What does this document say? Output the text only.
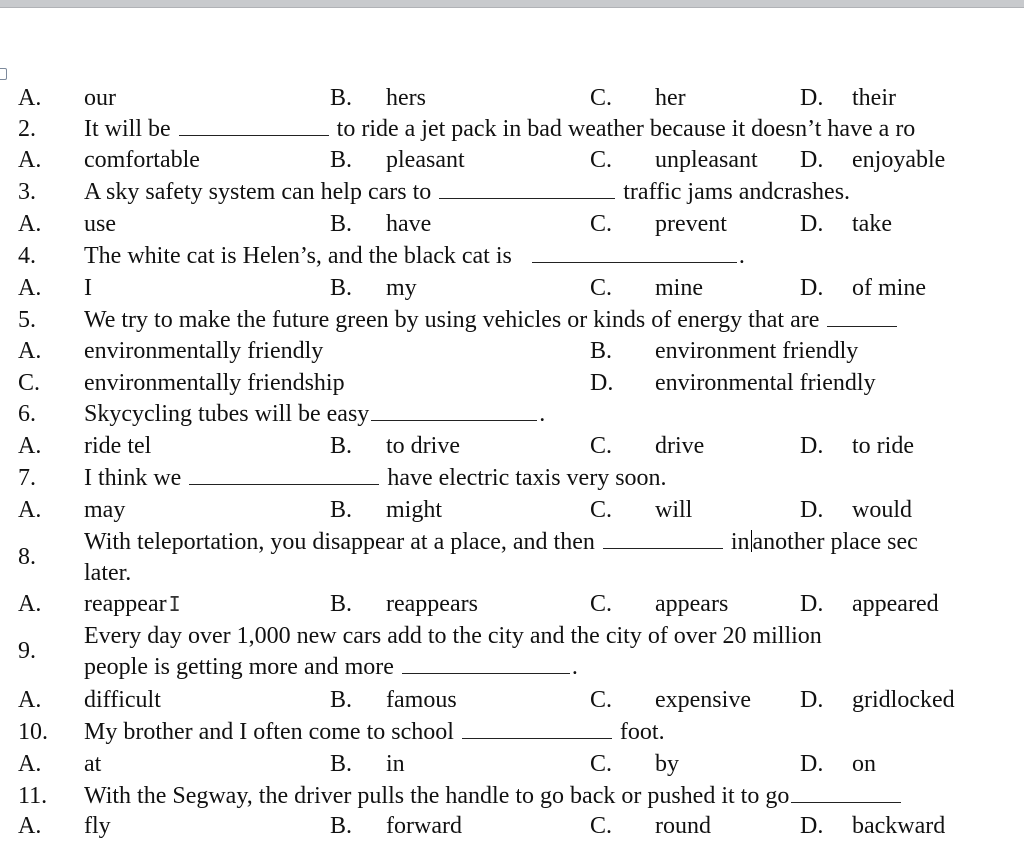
A. our	B. hers	C. her	D. their
2. It will be	to ride a jet pack in bad weather because it doesn’t have a ro
A. comfortable	B. pleasant	C. unpleasant D. enjoyable
3. A sky safety system can help cars to	traffic jams andcrashes.
A. use	B. have	C. prevent	D. take
4. The white cat is Helen’s, and the black cat is	.
A. I	B. my	C. mine	D. of mine
5. We try to make the future green by using vehicles or kinds of energy that are
A. environmentally friendly	B. environment friendly
C. environmentally friendship	D. environmental friendly
6. Skycycling tubes will be easy	.
A. ride tel	B. to drive	C. drive	D. to ride
7. I think we	have electric taxis very soon.
A. may	B. might	C. will	D. would
8.
With teleportation, you disappear at a place, and then	in another place sec
later.
A. reappear I	B. reappears	C. appears	D. appeared
9.
Every day over 1,000 new cars add to the city and the city of over 20 million
people is getting more and more	.
A. difficult	B. famous	C. expensive D. gridlocked
10. My brother and I often come to school	foot.
A. at	B. in	C. by	D. on
11. With the Segway, the driver pulls the handle to go back or pushed it to go
A. fly	B. forward	C. round	D. backward
